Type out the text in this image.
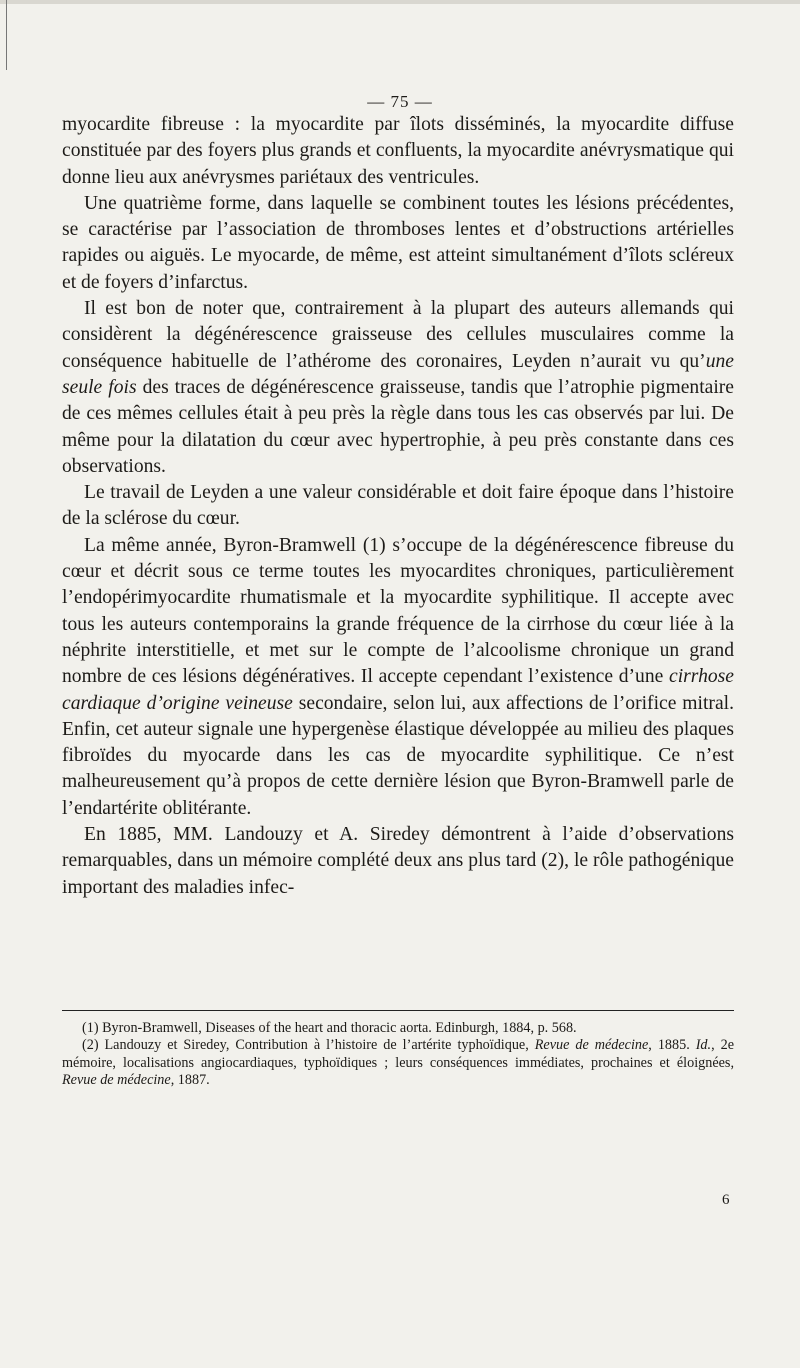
— 75 —

myocardite fibreuse : la myocardite par îlots disséminés, la myocardite diffuse constituée par des foyers plus grands et confluents, la myocardite anévrysmatique qui donne lieu aux anévrysmes pariétaux des ventricules.

Une quatrième forme, dans laquelle se combinent toutes les lésions précédentes, se caractérise par l’association de thromboses lentes et d’obstructions artérielles rapides ou aiguës. Le myocarde, de même, est atteint simultanément d’îlots scléreux et de foyers d’infarctus.

Il est bon de noter que, contrairement à la plupart des auteurs allemands qui considèrent la dégénérescence graisseuse des cellules musculaires comme la conséquence habituelle de l’athérome des coronaires, Leyden n’aurait vu qu’une seule fois des traces de dégénérescence graisseuse, tandis que l’atrophie pigmentaire de ces mêmes cellules était à peu près la règle dans tous les cas observés par lui. De même pour la dilatation du cœur avec hypertrophie, à peu près constante dans ces observations.

Le travail de Leyden a une valeur considérable et doit faire époque dans l’histoire de la sclérose du cœur.

La même année, Byron-Bramwell (1) s’occupe de la dégénérescence fibreuse du cœur et décrit sous ce terme toutes les myocardites chroniques, particulièrement l’endopérimyocardite rhumatismale et la myocardite syphilitique. Il accepte avec tous les auteurs contemporains la grande fréquence de la cirrhose du cœur liée à la néphrite interstitielle, et met sur le compte de l’alcoolisme chronique un grand nombre de ces lésions dégénératives. Il accepte cependant l’existence d’une cirrhose cardiaque d’origine veineuse secondaire, selon lui, aux affections de l’orifice mitral. Enfin, cet auteur signale une hypergenèse élastique développée au milieu des plaques fibroïdes du myocarde dans les cas de myocardite syphilitique. Ce n’est malheureusement qu’à propos de cette dernière lésion que Byron-Bramwell parle de l’endartérite oblitérante.

En 1885, MM. Landouzy et A. Siredey démontrent à l’aide d’observations remarquables, dans un mémoire complété deux ans plus tard (2), le rôle pathogénique important des maladies infec-

(1) Byron-Bramwell, Diseases of the heart and thoracic aorta. Edinburgh, 1884, p. 568.

(2) Landouzy et Siredey, Contribution à l’histoire de l’artérite typhoïdique, Revue de médecine, 1885. Id., 2e mémoire, localisations angiocardiaques, typhoïdiques ; leurs conséquences immédiates, prochaines et éloignées, Revue de médecine, 1887.

6
